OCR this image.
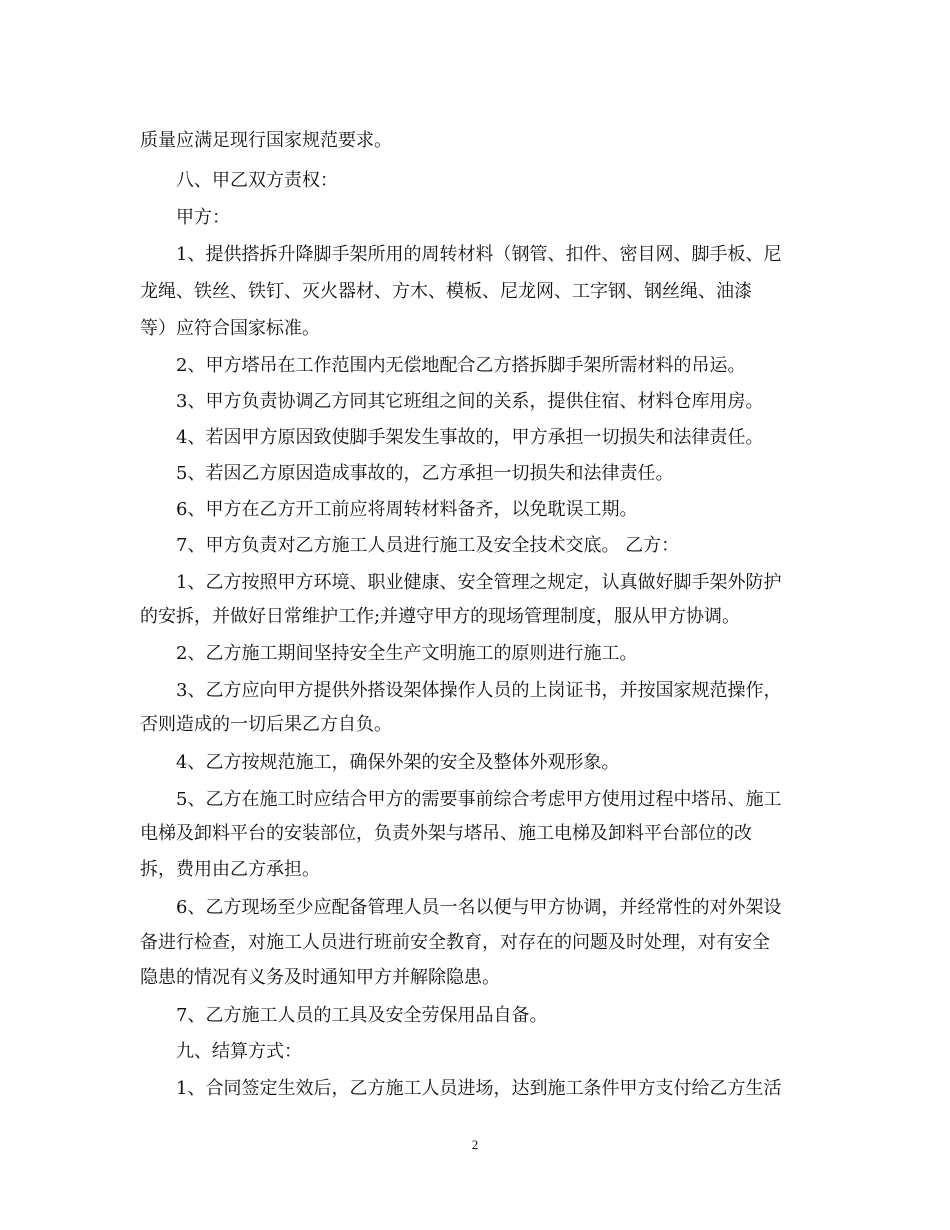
质量应满足现行国家规范要求。
八、甲乙双方责权：
甲方：
1、提供搭拆升降脚手架所用的周转材料（钢管、扣件、密目网、脚手板、尼
龙绳、铁丝、铁钉、灭火器材、方木、模板、尼龙网、工字钢、钢丝绳、油漆
等）应符合国家标准。
2、甲方塔吊在工作范围内无偿地配合乙方搭拆脚手架所需材料的吊运。
3、甲方负责协调乙方同其它班组之间的关系，提供住宿、材料仓库用房。
4、若因甲方原因致使脚手架发生事故的，甲方承担一切损失和法律责任。
5、若因乙方原因造成事故的，乙方承担一切损失和法律责任。
6、甲方在乙方开工前应将周转材料备齐，以免耽误工期。
7、甲方负责对乙方施工人员进行施工及安全技术交底。 乙方：
1、乙方按照甲方环境、职业健康、安全管理之规定，认真做好脚手架外防护
的安拆，并做好日常维护工作;并遵守甲方的现场管理制度，服从甲方协调。
2、乙方施工期间坚持安全生产文明施工的原则进行施工。
3、乙方应向甲方提供外搭设架体操作人员的上岗证书，并按国家规范操作，
否则造成的一切后果乙方自负。
4、乙方按规范施工，确保外架的安全及整体外观形象。
5、乙方在施工时应结合甲方的需要事前综合考虑甲方使用过程中塔吊、施工
电梯及卸料平台的安装部位，负责外架与塔吊、施工电梯及卸料平台部位的改
拆，费用由乙方承担。
6、乙方现场至少应配备管理人员一名以便与甲方协调，并经常性的对外架设
备进行检查，对施工人员进行班前安全教育，对存在的问题及时处理，对有安全
隐患的情况有义务及时通知甲方并解除隐患。
7、乙方施工人员的工具及安全劳保用品自备。
九、结算方式：
1、合同签定生效后，乙方施工人员进场，达到施工条件甲方支付给乙方生活
2
